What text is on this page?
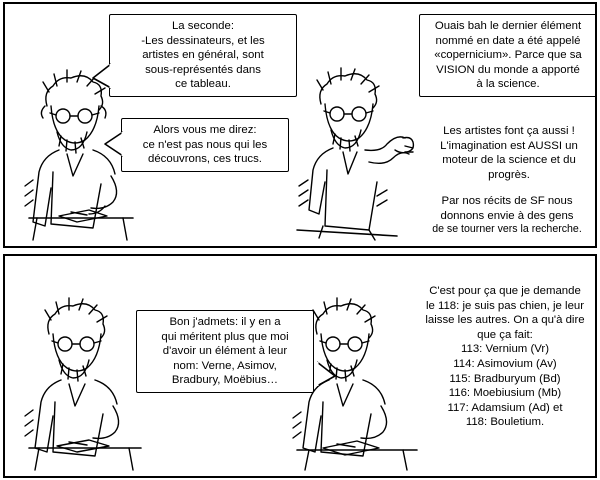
La seconde:
-Les dessinateurs, et les
artistes en général, sont
sous-représentés dans
ce tableau.
Alors vous me direz:
ce n'est pas nous qui les
découvrons, ces trucs.
Ouais bah le dernier élément
nommé en date a été appelé
«copernicium». Parce que sa
VISION du monde a apporté
à la science.
Les artistes font ça aussi !
L'imagination est AUSSI un
moteur de la science et du
progrès.
Par nos récits de SF nous
donnons envie à des gens
de se tourner vers la recherche.
Bon j'admets: il y en a
qui méritent plus que moi
d'avoir un élément à leur
nom: Verne, Asimov,
Bradbury, Moëbius…
C'est pour ça que je demande
le 118: je suis pas chien, je leur
laisse les autres. On a qu'à dire
que ça fait:
113: Vernium (Vr)
114: Asimovium (Av)
115: Bradburyum (Bd)
116: Moebiusium (Mb)
117: Adamsium (Ad) et
118: Bouletium.
